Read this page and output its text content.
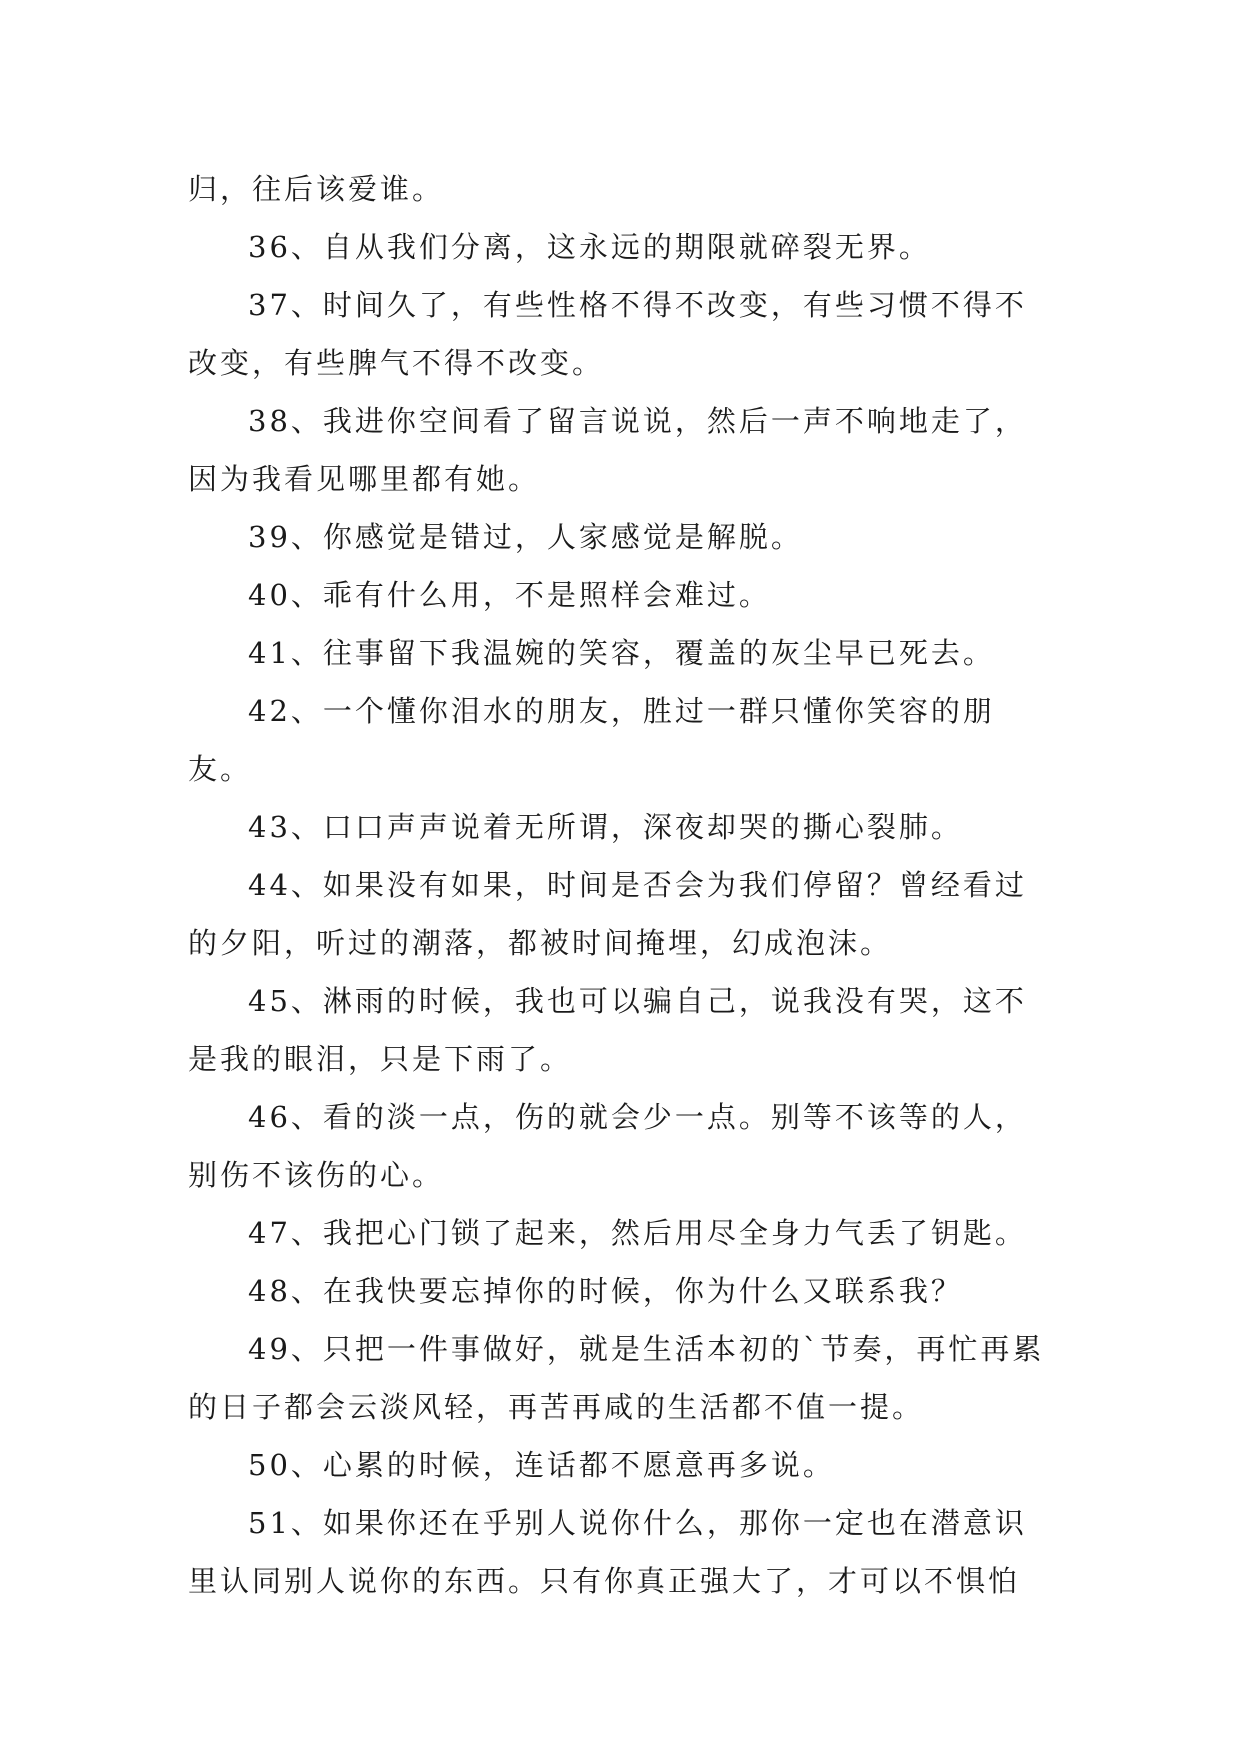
归，往后该爱谁。

36、自从我们分离，这永远的期限就碎裂无界。

37、时间久了，有些性格不得不改变，有些习惯不得不改变，有些脾气不得不改变。

38、我进你空间看了留言说说，然后一声不响地走了，因为我看见哪里都有她。

39、你感觉是错过，人家感觉是解脱。

40、乖有什么用，不是照样会难过。

41、往事留下我温婉的笑容，覆盖的灰尘早已死去。

42、一个懂你泪水的朋友，胜过一群只懂你笑容的朋友。

43、口口声声说着无所谓，深夜却哭的撕心裂肺。

44、如果没有如果，时间是否会为我们停留？曾经看过的夕阳，听过的潮落，都被时间掩埋，幻成泡沫。

45、淋雨的时候，我也可以骗自己，说我没有哭，这不是我的眼泪，只是下雨了。

46、看的淡一点，伤的就会少一点。别等不该等的人，别伤不该伤的心。

47、我把心门锁了起来，然后用尽全身力气丢了钥匙。

48、在我快要忘掉你的时候，你为什么又联系我？

49、只把一件事做好，就是生活本初的`节奏，再忙再累的日子都会云淡风轻，再苦再咸的生活都不值一提。

50、心累的时候，连话都不愿意再多说。

51、如果你还在乎别人说你什么，那你一定也在潜意识里认同别人说你的东西。只有你真正强大了，才可以不惧怕
